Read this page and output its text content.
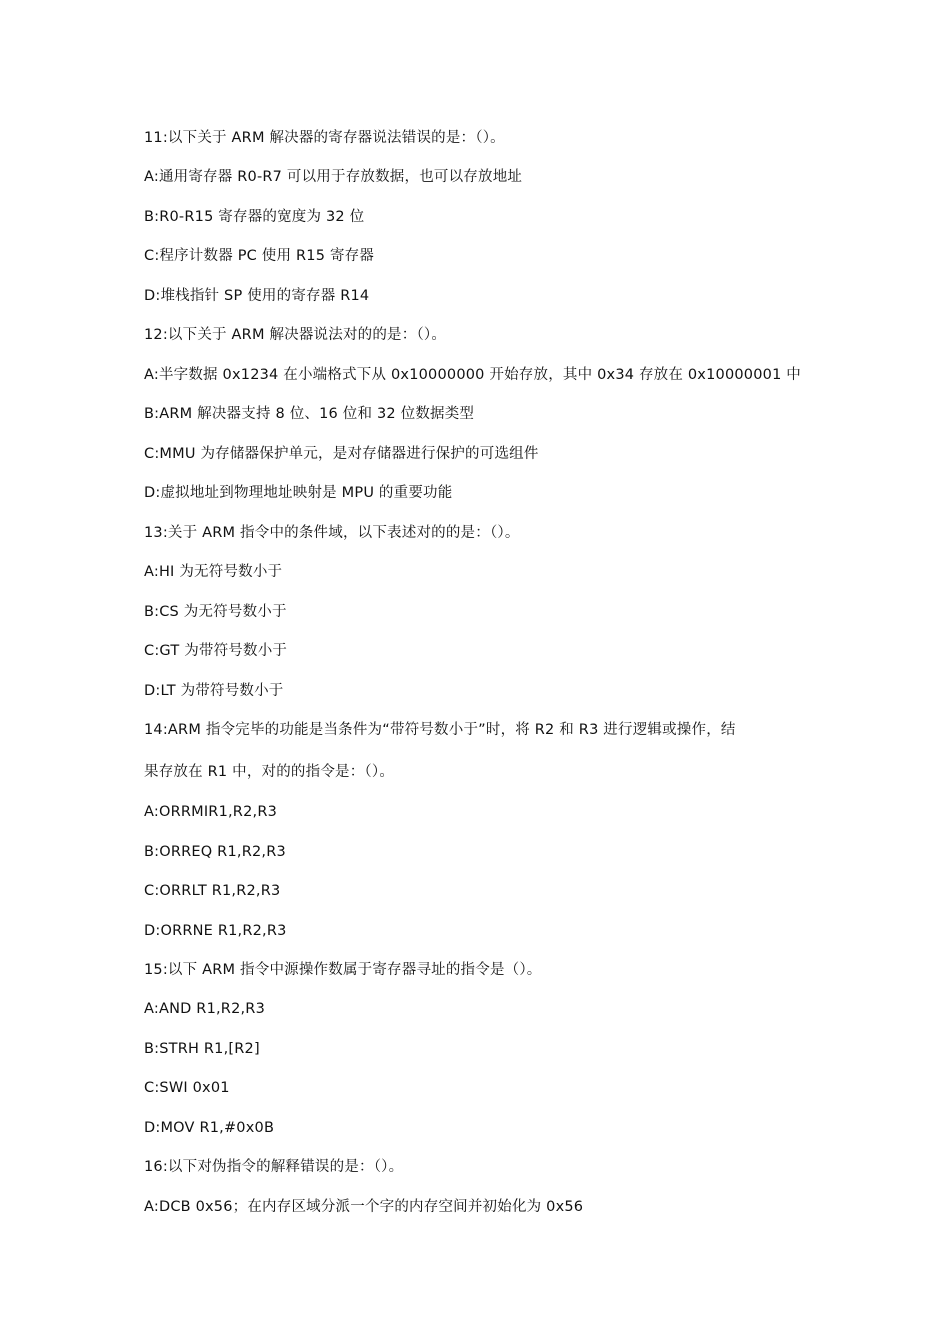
11:以下关于 ARM 解决器的寄存器说法错误的是：（）。
A:通用寄存器 R0-R7 可以用于存放数据，也可以存放地址
B:R0-R15 寄存器的宽度为 32 位
C:程序计数器 PC 使用 R15 寄存器
D:堆栈指针 SP 使用的寄存器 R14
12:以下关于 ARM 解决器说法对的的是：（）。
A:半字数据 0x1234 在小端格式下从 0x10000000 开始存放，其中 0x34 存放在 0x10000001 中
B:ARM 解决器支持 8 位、16 位和 32 位数据类型
C:MMU 为存储器保护单元，是对存储器进行保护的可选组件
D:虚拟地址到物理地址映射是 MPU 的重要功能
13:关于 ARM 指令中的条件域，以下表述对的的是：（）。
A:HI 为无符号数小于
B:CS 为无符号数小于
C:GT 为带符号数小于
D:LT 为带符号数小于
14:ARM 指令完毕的功能是当条件为“带符号数小于”时，将 R2 和 R3 进行逻辑或操作，结
果存放在 R1 中，对的的指令是：（）。
A:ORRMIR1,R2,R3
B:ORREQ R1,R2,R3
C:ORRLT R1,R2,R3
D:ORRNE R1,R2,R3
15:以下 ARM 指令中源操作数属于寄存器寻址的指令是（）。
A:AND R1,R2,R3
B:STRH R1,[R2]
C:SWI 0x01
D:MOV R1,#0x0B
16:以下对伪指令的解释错误的是：（）。
A:DCB 0x56；在内存区域分派一个字的内存空间并初始化为 0x56
